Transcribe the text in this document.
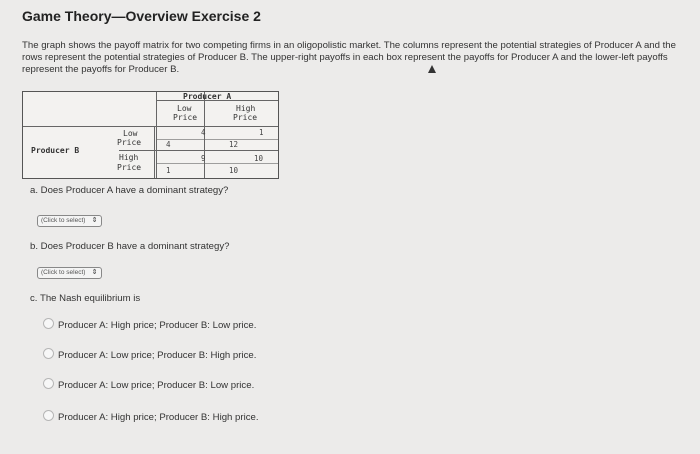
Game Theory—Overview Exercise 2
The graph shows the payoff matrix for two competing firms in an oligopolistic market. The columns represent the potential strategies of Producer A and the rows represent the potential strategies of Producer B. The upper-right payoffs in each box represent the payoffs for Producer A and the lower-left payoffs represent the payoffs for Producer B.
Producer A
Low
Price
High
Price
Producer B
Low
Price
High
Price
4
4
1
12
9
1
10
10
a. Does Producer A have a dominant strategy?
(Click to select) ⇕
b. Does Producer B have a dominant strategy?
(Click to select) ⇕
c. The Nash equilibrium is
Producer A: High price; Producer B: Low price.
Producer A: Low price; Producer B: High price.
Producer A: Low price; Producer B: Low price.
Producer A: High price; Producer B: High price.
